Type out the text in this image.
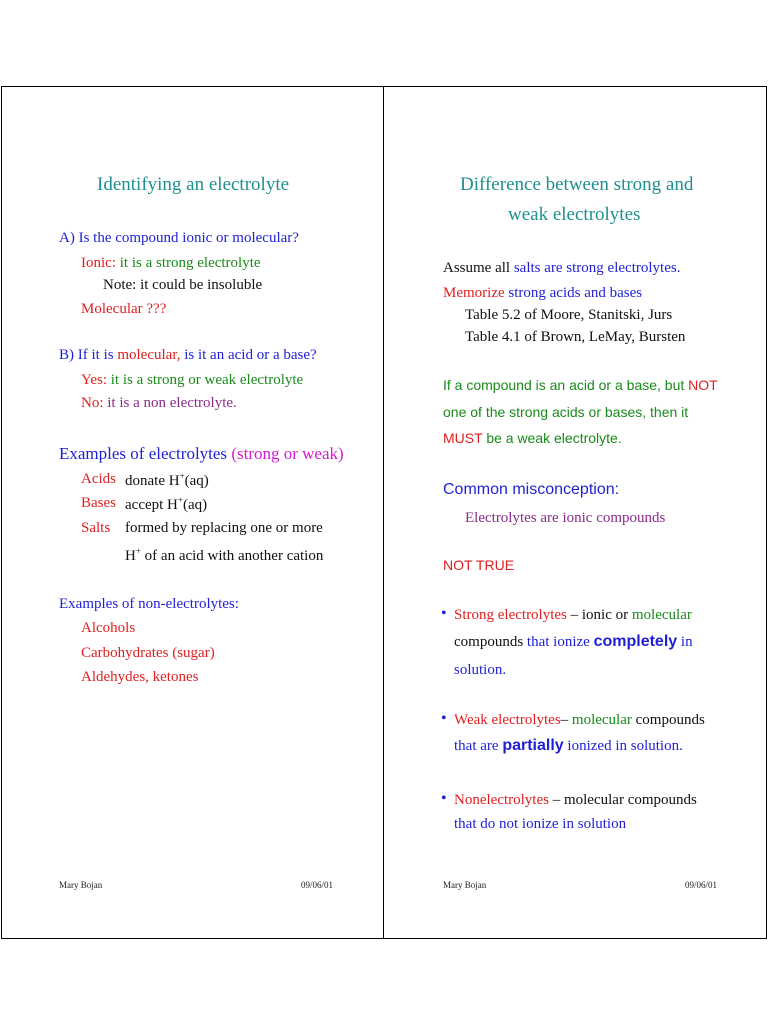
Identifying an electrolyte
A) Is the compound ionic or molecular?
Ionic: it is a strong electrolyte
Note: it could be insoluble
Molecular ???
B) If it is molecular, is it an acid or a base?
Yes: it is a strong or weak electrolyte
No: it is a non electrolyte.
Examples of electrolytes (strong or weak)
Acids donate H+(aq)
Bases accept H+(aq)
Salts formed by replacing one or more
H+ of an acid with another cation
Examples of non-electrolytes:
Alcohols
Carbohydrates (sugar)
Aldehydes, ketones
Mary Bojan	09/06/01
Difference between strong and
weak electrolytes
Assume all salts are strong electrolytes.
Memorize strong acids and bases
Table 5.2 of Moore, Stanitski, Jurs
Table 4.1 of Brown, LeMay, Bursten
If a compound is an acid or a base, but NOT
one of the strong acids or bases, then it
MUST be a weak electrolyte.
Common misconception:
Electrolytes are ionic compounds
NOT TRUE
• Strong electrolytes – ionic or molecular
compounds that ionize completely in
solution.
• Weak electrolytes– molecular compounds
that are partially ionized in solution.
• Nonelectrolytes – molecular compounds
that do not ionize in solution
Mary Bojan	09/06/01
